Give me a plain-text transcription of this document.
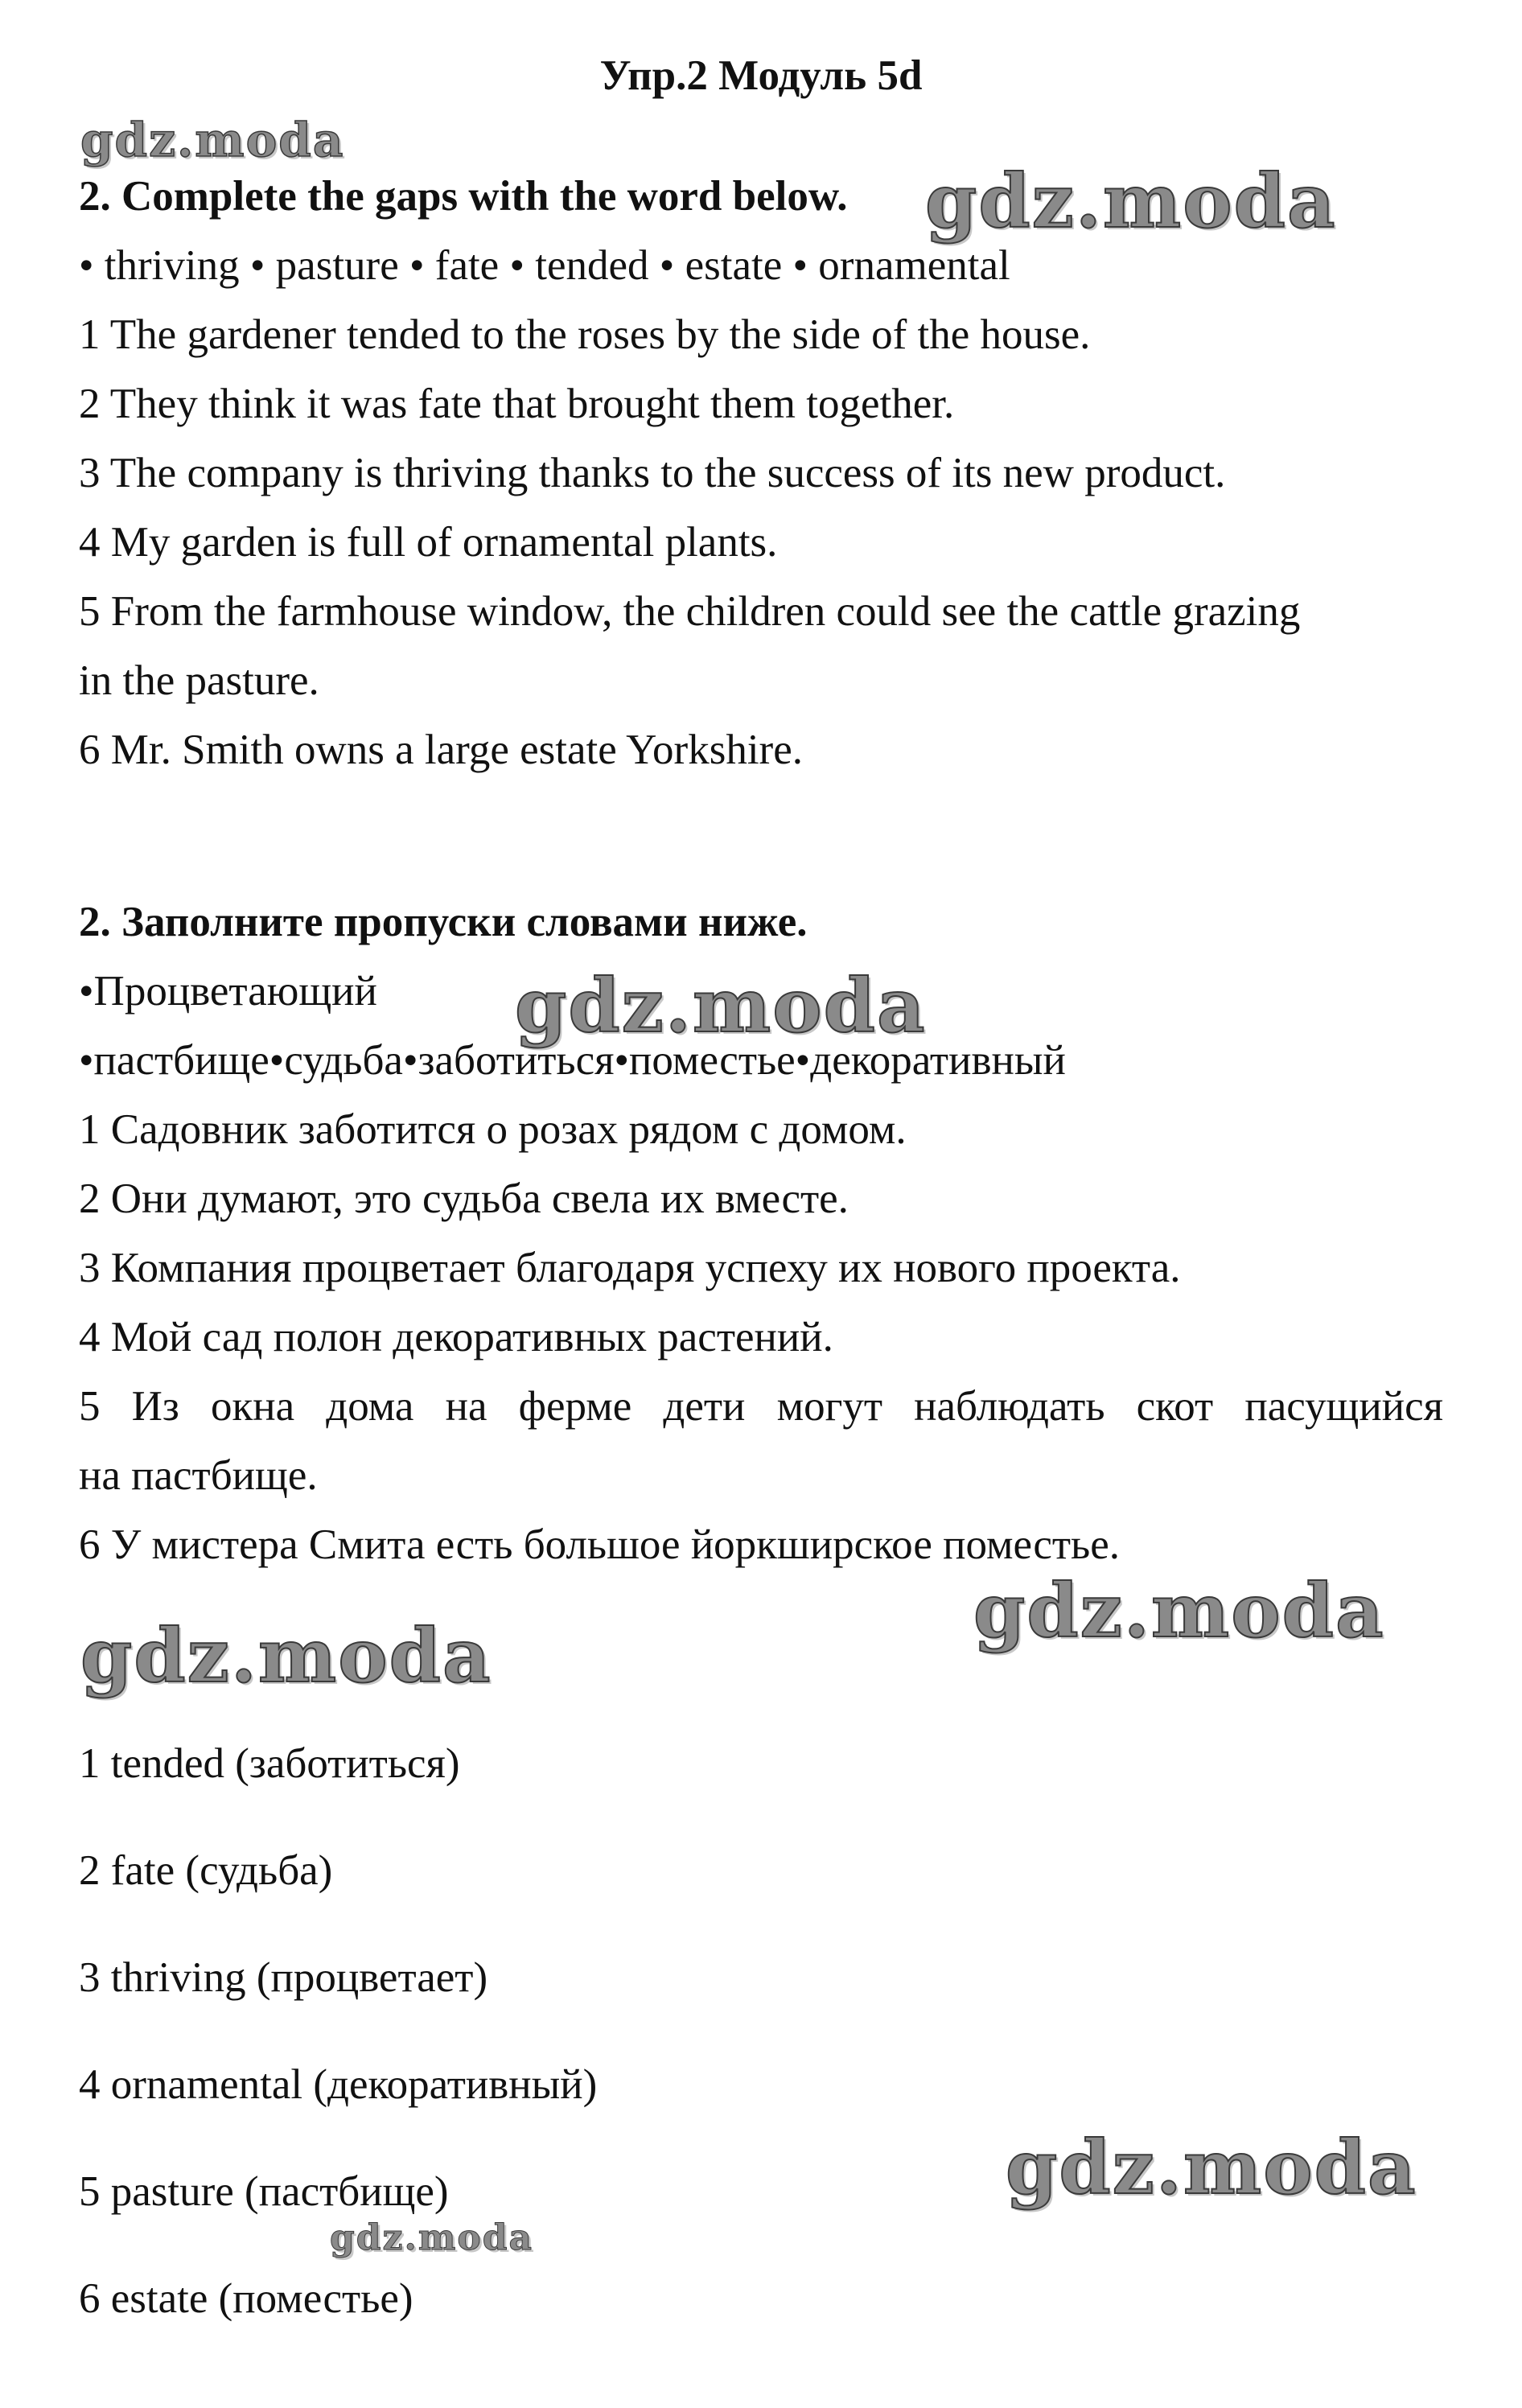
Упр.2 Модуль 5d

2. Complete the gaps with the word below.

• thriving • pasture • fate • tended • estate • ornamental

1 The gardener tended to the roses by the side of the house.

2 They think it was fate that brought them together.

3 The company is thriving thanks to the success of its new product.

4 My garden is full of ornamental plants.

5 From the farmhouse window, the children could see the cattle grazing

in the pasture.

6 Mr. Smith owns a large estate Yorkshire.

2. Заполните пропуски словами ниже.

•Процветающий

•пастбище•судьба•заботиться•поместье•декоративный

1 Садовник заботится о розах рядом с домом.

2 Они думают, это судьба свела их вместе.

3 Компания процветает благодаря успеху их нового проекта.

4 Мой сад полон декоративных растений.

5 Из окна дома на ферме дети могут наблюдать скот пасущийся

на пастбище.

6 У мистера Смита есть большое йоркширское поместье.

1 tended (заботиться)

2 fate (судьба)

3 thriving (процветает)

4 ornamental (декоративный)

5 pasture (пастбище)

6 estate (поместье)

gdz.moda
gdz.moda
gdz.moda
gdz.moda
gdz.moda
gdz.moda
gdz.moda
